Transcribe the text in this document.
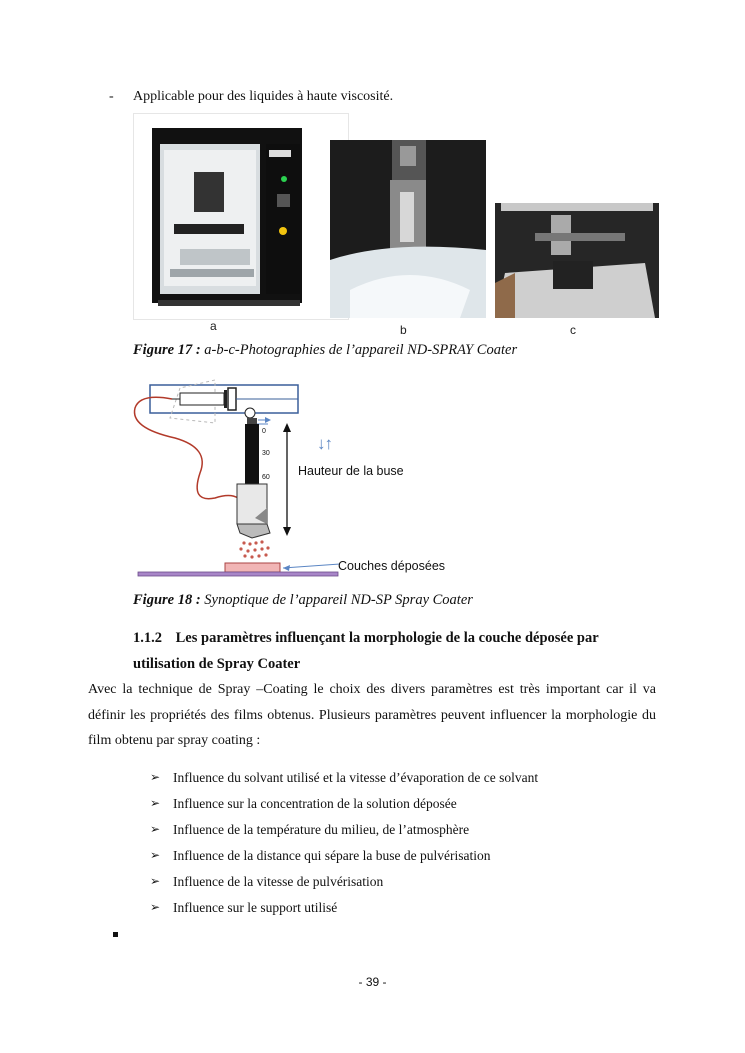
- Applicable pour des liquides à haute viscosité.
a	b	c
Figure 17 : a-b-c-Photographies de l’appareil ND-SPRAY Coater
0
30
60
↓↑
Hauteur de la buse
Couches déposées
Figure 18 : Synoptique de l’appareil ND-SP Spray Coater
1.1.2 Les paramètres influençant la morphologie de la couche déposée par
utilisation de Spray Coater
Avec la technique de Spray –Coating le choix des divers paramètres est très important car il va définir les propriétés des films obtenus. Plusieurs paramètres peuvent influencer la morphologie du film obtenu par spray coating :
➢ Influence du solvant utilisé et la vitesse d’évaporation de ce solvant
➢ Influence sur la concentration de la solution déposée
➢ Influence de la température du milieu, de l’atmosphère
➢ Influence de la distance qui sépare la buse de pulvérisation
➢ Influence de la vitesse de pulvérisation
➢ Influence sur le support utilisé
- 39 -
